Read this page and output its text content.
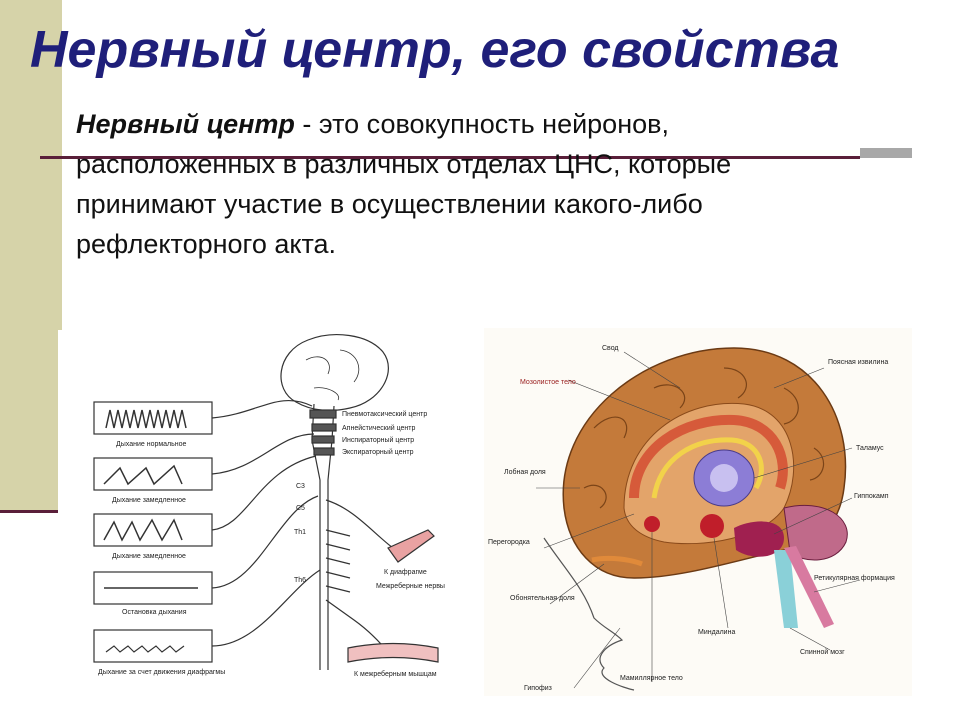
Нервный центр, его свойства

Нервный центр - это совокупность нейронов, расположенных в различных отделах ЦНС, которые принимают участие в осуществлении какого-либо рефлекторного акта.

Дыхание нормальное
Дыхание замедленное
Дыхание замедленное
Остановка дыхания
Дыхание за счет движения диафрагмы
Пневмотаксический центр
Апнейстический центр
Инспираторный центр
Экспираторный центр
C3
C5
Th1
Th6
К диафрагме
Межреберные нервы
К межреберным мышцам
Свод
Мозолистое тело
Поясная извилина
Таламус
Лобная доля
Гиппокамп
Перегородка
Ретикулярная формация
Обонятельная доля
Миндалина
Спинной мозг
Гипофиз
Мамиллярное тело
